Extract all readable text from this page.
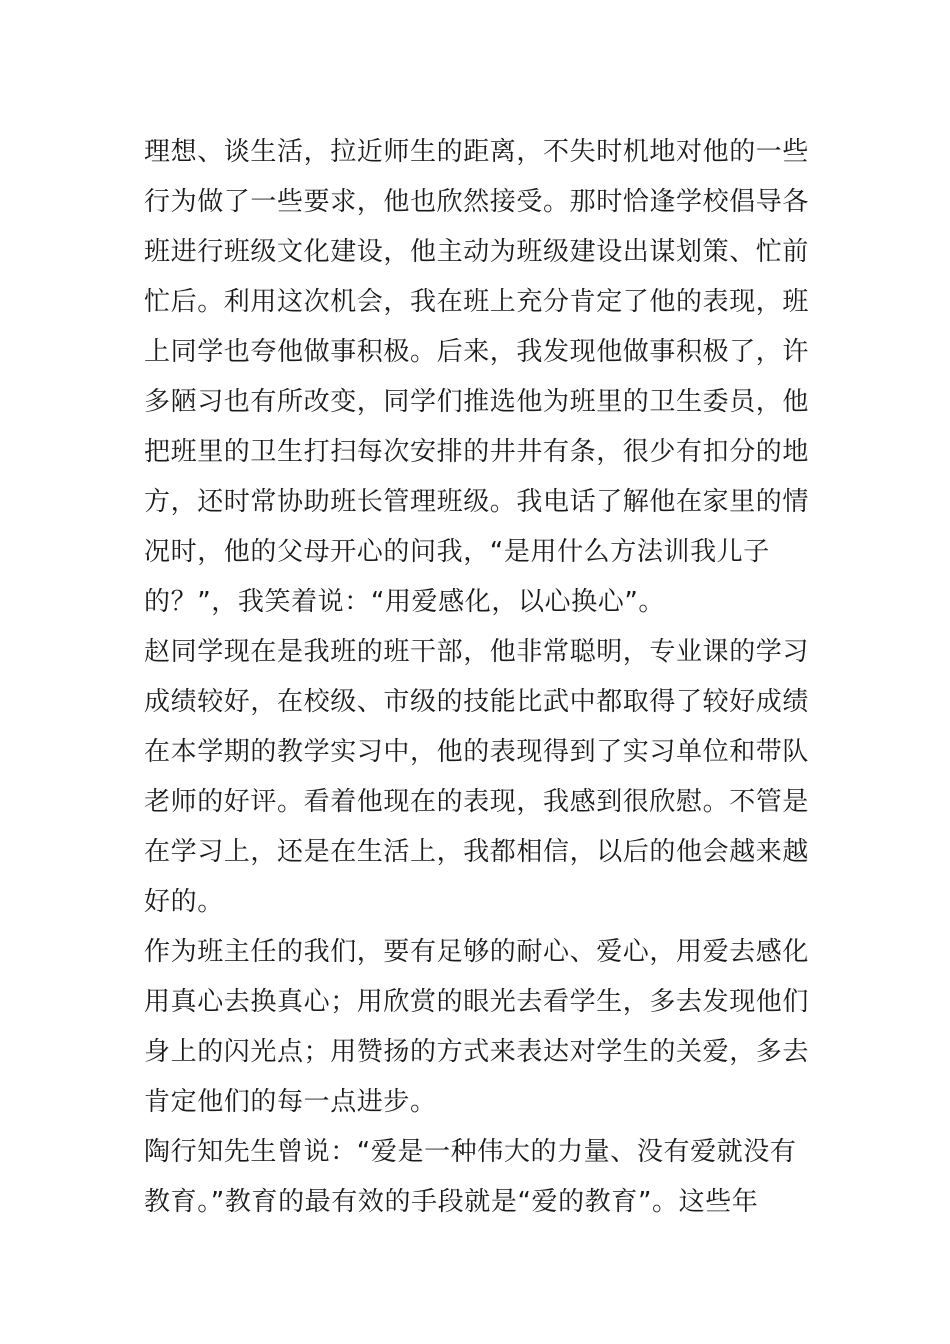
理想、谈生活，拉近师生的距离，不失时机地对他的一些
行为做了一些要求，他也欣然接受。那时恰逢学校倡导各
班进行班级文化建设，他主动为班级建设出谋划策、忙前
忙后。利用这次机会，我在班上充分肯定了他的表现，班
上同学也夸他做事积极。后来，我发现他做事积极了，许
多陋习也有所改变，同学们推选他为班里的卫生委员，他
把班里的卫生打扫每次安排的井井有条，很少有扣分的地
方，还时常协助班长管理班级。我电话了解他在家里的情
况时，他的父母开心的问我，“是用什么方法训我儿子
的？”，我笑着说：“用爱感化，以心换心”。
赵同学现在是我班的班干部，他非常聪明，专业课的学习
成绩较好，在校级、市级的技能比武中都取得了较好成绩
在本学期的教学实习中，他的表现得到了实习单位和带队
老师的好评。看着他现在的表现，我感到很欣慰。不管是
在学习上，还是在生活上，我都相信，以后的他会越来越
好的。
作为班主任的我们，要有足够的耐心、爱心，用爱去感化
用真心去换真心；用欣赏的眼光去看学生，多去发现他们
身上的闪光点；用赞扬的方式来表达对学生的关爱，多去
肯定他们的每一点进步。
陶行知先生曾说：“爱是一种伟大的力量、没有爱就没有
教育。”教育的最有效的手段就是“爱的教育”。这些年
